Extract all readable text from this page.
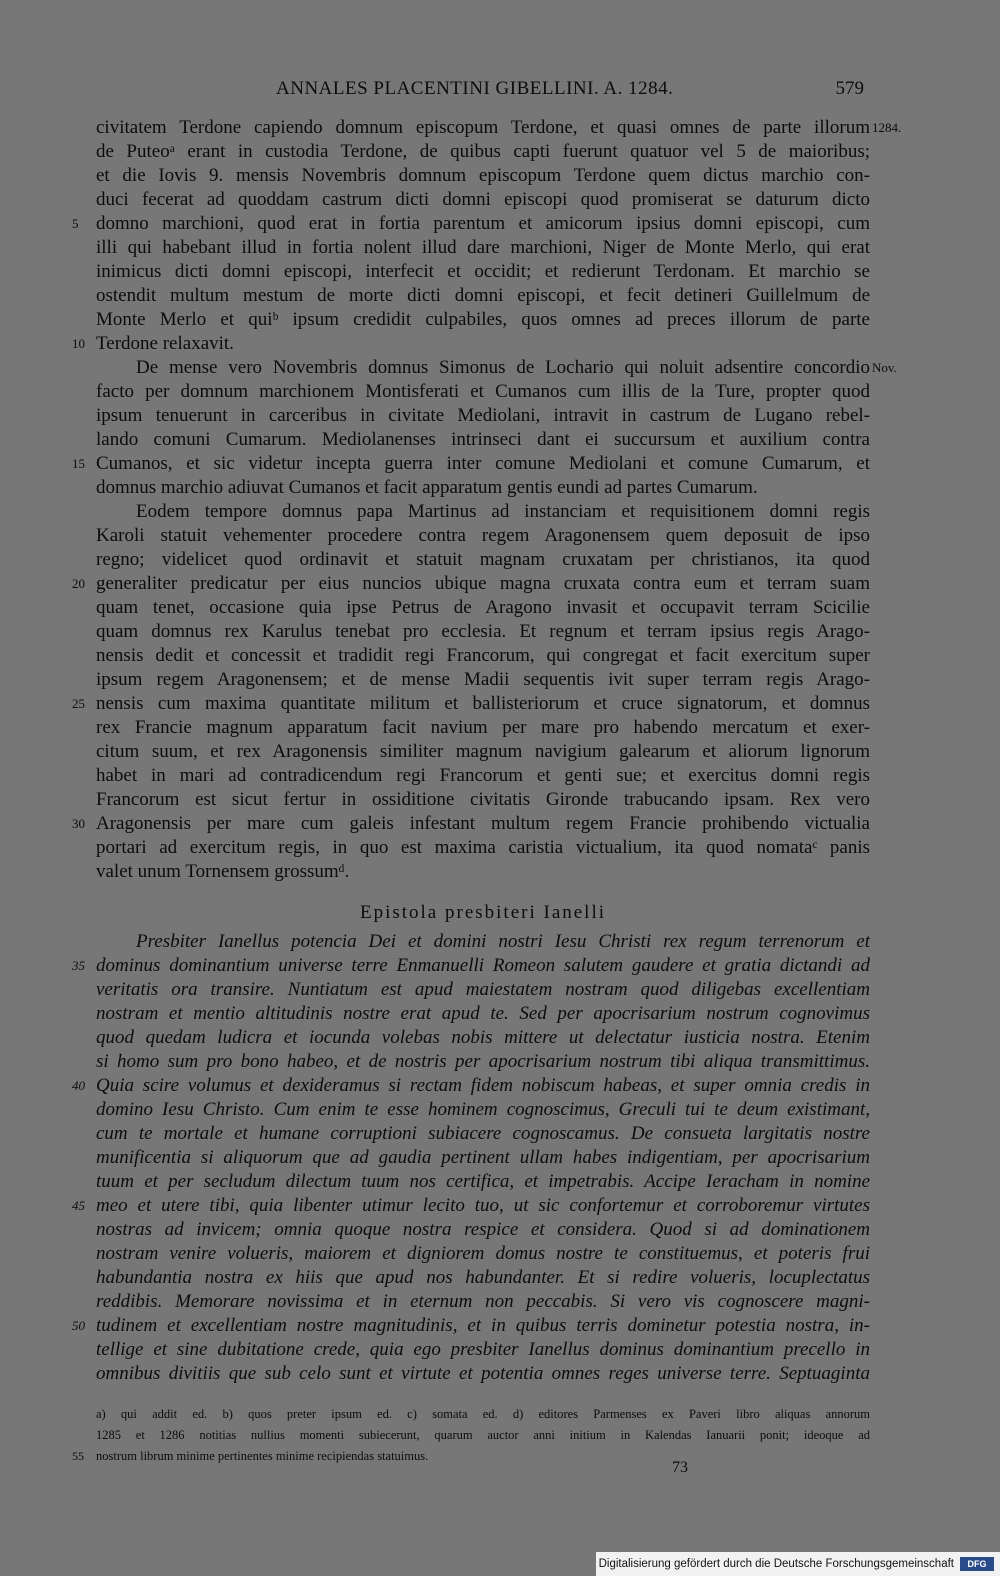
ANNALES PLACENTINI GIBELLINI. A. 1284.	579
civitatem Terdone capiendo domnum episcopum Terdone, et quasi omnes de parte illorum 1284.
de Puteoᵃ erant in custodia Terdone, de quibus capti fuerunt quatuor vel 5 de maioribus;
et die Iovis 9. mensis Novembris domnum episcopum Terdone quem dictus marchio con-
duci fecerat ad quoddam castrum dicti domni episcopi quod promiserat se daturum dicto
5 domno marchioni, quod erat in fortia parentum et amicorum ipsius domni episcopi, cum
illi qui habebant illud in fortia nolent illud dare marchioni, Niger de Monte Merlo, qui erat
inimicus dicti domni episcopi, interfecit et occidit; et redierunt Terdonam. Et marchio se
ostendit multum mestum de morte dicti domni episcopi, et fecit detineri Guillelmum de
Monte Merlo et quiᵇ ipsum credidit culpabiles, quos omnes ad preces illorum de parte
10 Terdone relaxavit.
De mense vero Novembris domnus Simonus de Lochario qui noluit adsentire concordio Nov.
facto per domnum marchionem Montisferati et Cumanos cum illis de la Ture, propter quod
ipsum tenuerunt in carceribus in civitate Mediolani, intravit in castrum de Lugano rebel-
lando comuni Cumarum. Mediolanenses intrinseci dant ei succursum et auxilium contra
15 Cumanos, et sic videtur incepta guerra inter comune Mediolani et comune Cumarum, et
domnus marchio adiuvat Cumanos et facit apparatum gentis eundi ad partes Cumarum.
Eodem tempore domnus papa Martinus ad instanciam et requisitionem domni regis
Karoli statuit vehementer procedere contra regem Aragonensem quem deposuit de ipso
regno; videlicet quod ordinavit et statuit magnam cruxatam per christianos, ita quod
20 generaliter predicatur per eius nuncios ubique magna cruxata contra eum et terram suam
quam tenet, occasione quia ipse Petrus de Aragono invasit et occupavit terram Scicilie
quam domnus rex Karulus tenebat pro ecclesia. Et regnum et terram ipsius regis Arago-
nensis dedit et concessit et tradidit regi Francorum, qui congregat et facit exercitum super
ipsum regem Aragonensem; et de mense Madii sequentis ivit super terram regis Arago-
25 nensis cum maxima quantitate militum et ballisteriorum et cruce signatorum, et domnus
rex Francie magnum apparatum facit navium per mare pro habendo mercatum et exer-
citum suum, et rex Aragonensis similiter magnum navigium galearum et aliorum lignorum
habet in mari ad contradicendum regi Francorum et genti sue; et exercitus domni regis
Francorum est sicut fertur in ossiditione civitatis Gironde trabucando ipsam. Rex vero
30 Aragonensis per mare cum galeis infestant multum regem Francie prohibendo victualia
portari ad exercitum regis, in quo est maxima caristia victualium, ita quod nomataᶜ panis
valet unum Tornensem grossumᵈ.
Epistola presbiteri Ianelli
Presbiter Ianellus potencia Dei et domini nostri Iesu Christi rex regum terrenorum et
35 dominus dominantium universe terre Enmanuelli Romeon salutem gaudere et gratia dictandi ad
veritatis ora transire. Nuntiatum est apud maiestatem nostram quod diligebas excellentiam
nostram et mentio altitudinis nostre erat apud te. Sed per apocrisarium nostrum cognovimus
quod quedam ludicra et iocunda volebas nobis mittere ut delectatur iusticia nostra. Etenim
si homo sum pro bono habeo, et de nostris per apocrisarium nostrum tibi aliqua transmittimus.
40 Quia scire volumus et dexideramus si rectam fidem nobiscum habeas, et super omnia credis in
domino Iesu Christo. Cum enim te esse hominem cognoscimus, Greculi tui te deum existimant,
cum te mortale et humane corruptioni subiacere cognoscamus. De consueta largitatis nostre
munificentia si aliquorum que ad gaudia pertinent ullam habes indigentiam, per apocrisarium
tuum et per secludum dilectum tuum nos certifica, et impetrabis. Accipe Ieracham in nomine
45 meo et utere tibi, quia libenter utimur lecito tuo, ut sic confortemur et corroboremur virtutes
nostras ad invicem; omnia quoque nostra respice et considera. Quod si ad dominationem
nostram venire volueris, maiorem et digniorem domus nostre te constituemus, et poteris frui
habundantia nostra ex hiis que apud nos habundanter. Et si redire volueris, locuplectatus
reddibis. Memorare novissima et in eternum non peccabis. Si vero vis cognoscere magni-
50 tudinem et excellentiam nostre magnitudinis, et in quibus terris dominetur potestia nostra, in-
tellige et sine dubitatione crede, quia ego presbiter Ianellus dominus dominantium precello in
omnibus divitiis que sub celo sunt et virtute et potentia omnes reges universe terre. Septuaginta
a) qui addit ed. b) quos preter ipsum ed. c) somata ed. d) editores Parmenses ex Paveri libro aliquas annorum
1285 et 1286 notitias nullius momenti subiecerunt, quarum auctor anni initium in Kalendas Ianuarii ponit; ideoque ad
55 nostrum librum minime pertinentes minime recipiendas statuimus.
73
Digitalisierung gefördert durch die Deutsche Forschungsgemeinschaft	DFG
